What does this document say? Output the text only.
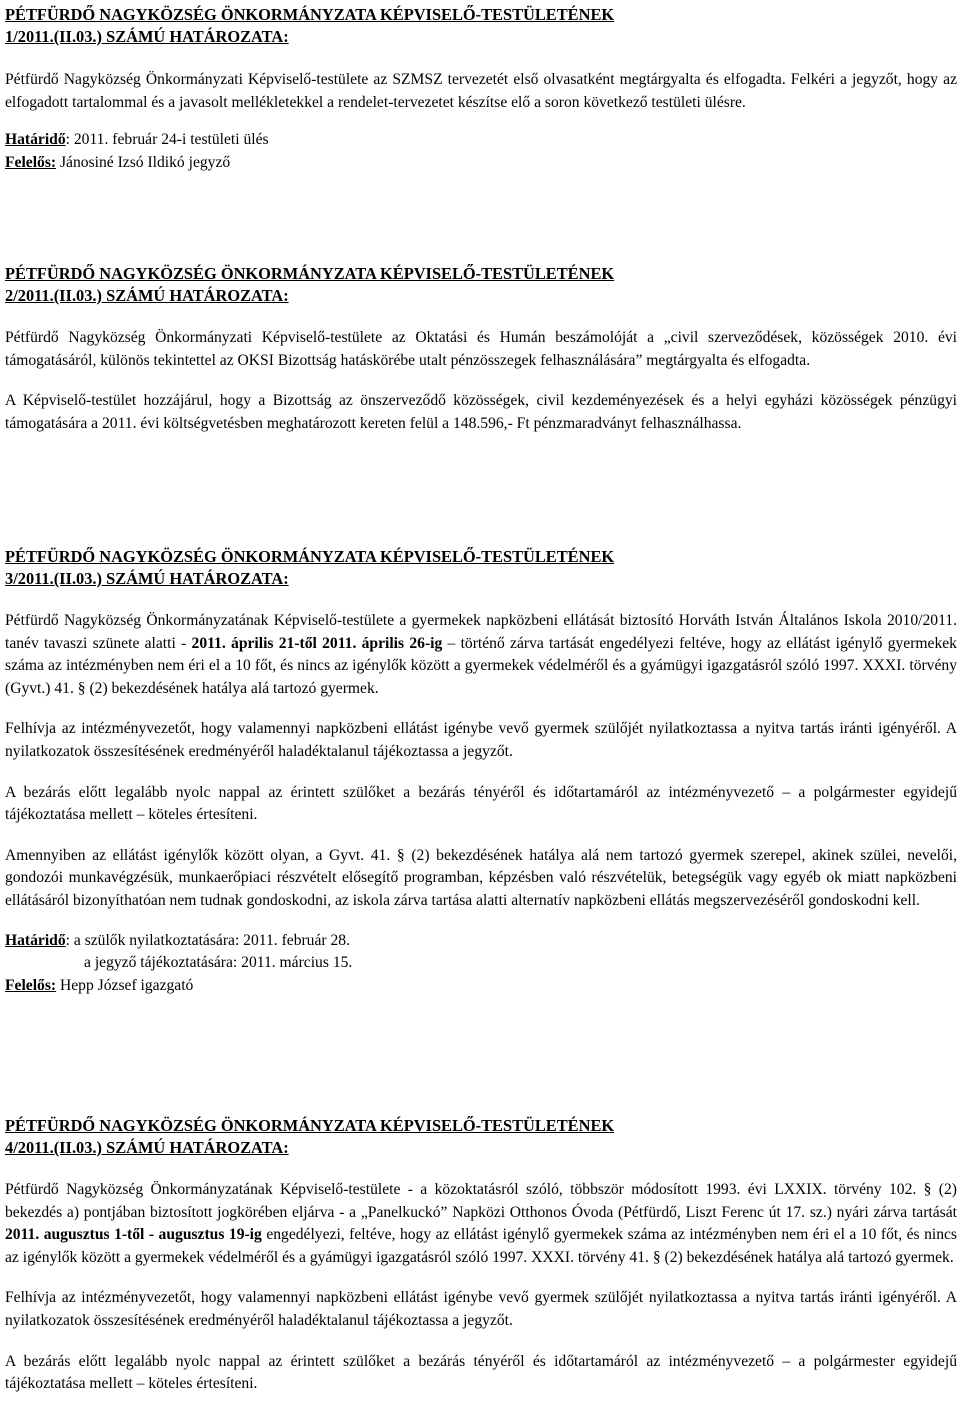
PÉTFÜRDŐ NAGYKÖZSÉG ÖNKORMÁNYZATA KÉPVISELŐ-TESTÜLETÉNEK
1/2011.(II.03.) SZÁMÚ HATÁROZATA:

Pétfürdő Nagyközség Önkormányzati Képviselő-testülete az SZMSZ tervezetét első olvasatként megtárgyalta és elfogadta. Felkéri a jegyzőt, hogy az elfogadott tartalommal és a javasolt mellékletekkel a rendelet-tervezetet készítse elő a soron következő testületi ülésre.

Határidő: 2011. február 24-i testületi ülés

Felelős: Jánosiné Izsó Ildikó jegyző

PÉTFÜRDŐ NAGYKÖZSÉG ÖNKORMÁNYZATA KÉPVISELŐ-TESTÜLETÉNEK
2/2011.(II.03.) SZÁMÚ HATÁROZATA:

Pétfürdő Nagyközség Önkormányzati Képviselő-testülete az Oktatási és Humán beszámolóját a „civil szerveződések, közösségek 2010. évi támogatásáról, különös tekintettel az OKSI Bizottság hatáskörébe utalt pénzösszegek felhasználására” megtárgyalta és elfogadta.

A Képviselő-testület hozzájárul, hogy a Bizottság az önszerveződő közösségek, civil kezdeményezések és a helyi egyházi közösségek pénzügyi támogatására a 2011. évi költségvetésben meghatározott kereten felül a 148.596,- Ft pénzmaradványt felhasználhassa.

PÉTFÜRDŐ NAGYKÖZSÉG ÖNKORMÁNYZATA KÉPVISELŐ-TESTÜLETÉNEK
3/2011.(II.03.) SZÁMÚ HATÁROZATA:

Pétfürdő Nagyközség Önkormányzatának Képviselő-testülete a gyermekek napközbeni ellátását biztosító Horváth István Általános Iskola 2010/2011. tanév tavaszi szünete alatti - 2011. április 21-től 2011. április 26-ig – történő zárva tartását engedélyezi feltéve, hogy az ellátást igénylő gyermekek száma az intézményben nem éri el a 10 főt, és nincs az igénylők között a gyermekek védelméről és a gyámügyi igazgatásról szóló 1997. XXXI. törvény (Gyvt.) 41. § (2) bekezdésének hatálya alá tartozó gyermek.

Felhívja az intézményvezetőt, hogy valamennyi napközbeni ellátást igénybe vevő gyermek szülőjét nyilatkoztassa a nyitva tartás iránti igényéről. A nyilatkozatok összesítésének eredményéről haladéktalanul tájékoztassa a jegyzőt.

A bezárás előtt legalább nyolc nappal az érintett szülőket a bezárás tényéről és időtartamáról az intézményvezető – a polgármester egyidejű tájékoztatása mellett – köteles értesíteni.

Amennyiben az ellátást igénylők között olyan, a Gyvt. 41. § (2) bekezdésének hatálya alá nem tartozó gyermek szerepel, akinek szülei, nevelői, gondozói munkavégzésük, munkaerőpiaci részvételt elősegítő programban, képzésben való részvételük, betegségük vagy egyéb ok miatt napközbeni ellátásáról bizonyíthatóan nem tudnak gondoskodni, az iskola zárva tartása alatti alternatív napközbeni ellátás megszervezéséről gondoskodni kell.

Határidő: a szülők nyilatkoztatására: 2011. február 28.

a jegyző tájékoztatására: 2011. március 15.

Felelős: Hepp József igazgató

PÉTFÜRDŐ NAGYKÖZSÉG ÖNKORMÁNYZATA KÉPVISELŐ-TESTÜLETÉNEK
4/2011.(II.03.) SZÁMÚ HATÁROZATA:

Pétfürdő Nagyközség Önkormányzatának Képviselő-testülete - a közoktatásról szóló, többször módosított 1993. évi LXXIX. törvény 102. § (2) bekezdés a) pontjában biztosított jogkörében eljárva - a „Panelkuckó” Napközi Otthonos Óvoda (Pétfürdő, Liszt Ferenc út 17. sz.) nyári zárva tartását 2011. augusztus 1-től - augusztus 19-ig engedélyezi, feltéve, hogy az ellátást igénylő gyermekek száma az intézményben nem éri el a 10 főt, és nincs az igénylők között a gyermekek védelméről és a gyámügyi igazgatásról szóló 1997. XXXI. törvény 41. § (2) bekezdésének hatálya alá tartozó gyermek.

Felhívja az intézményvezetőt, hogy valamennyi napközbeni ellátást igénybe vevő gyermek szülőjét nyilatkoztassa a nyitva tartás iránti igényéről. A nyilatkozatok összesítésének eredményéről haladéktalanul tájékoztassa a jegyzőt.

A bezárás előtt legalább nyolc nappal az érintett szülőket a bezárás tényéről és időtartamáról az intézményvezető – a polgármester egyidejű tájékoztatása mellett – köteles értesíteni.
